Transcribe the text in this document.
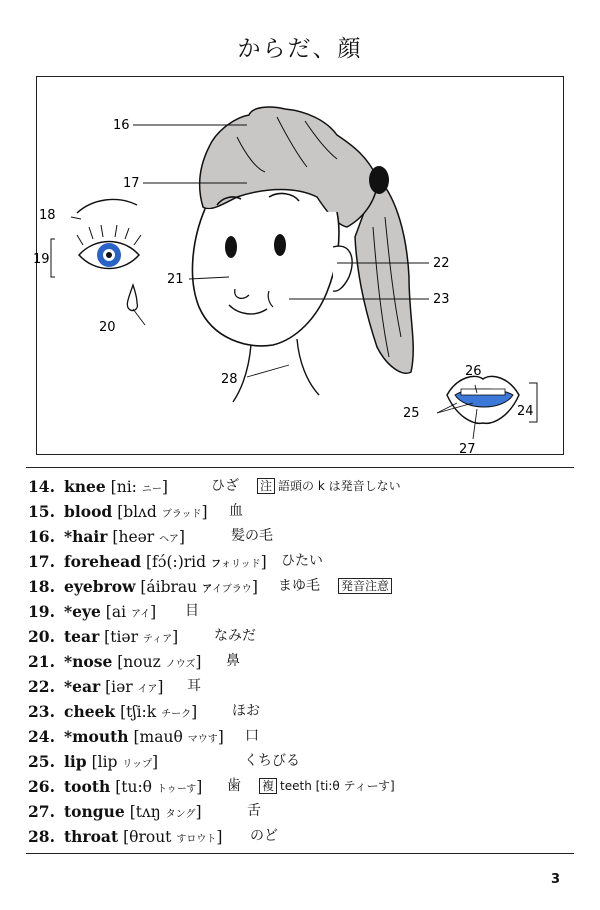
からだ、顔
16
17
18
19
20
21
22
23
24
25
26
27
28
14. knee [ni: ニー]	ひざ 注 語頭の k は発音しない
15. blood [blʌd ブラッド] 血
16. *hair [heər ヘア]	髪の毛
17. forehead [fɔ́(:)rid フォリッド] ひたい
18. eyebrow [áibrau アイブラウ] まゆ毛 発音注意
19. *eye [ai アイ] 目
20. tear [tiər ティア]	なみだ
21. *nose [nouz ノウズ] 鼻
22. *ear [iər イア] 耳
23. cheek [tʃi:k チーク] ほお
24. *mouth [mauθ マウす] 口
25. lip [lip リップ]	くちびる
26. tooth [tu:θ トゥーす] 歯 複 teeth [ti:θ ティーす]
27. tongue [tʌŋ タング]	舌
28. throat [θrout すロウト] のど
3
